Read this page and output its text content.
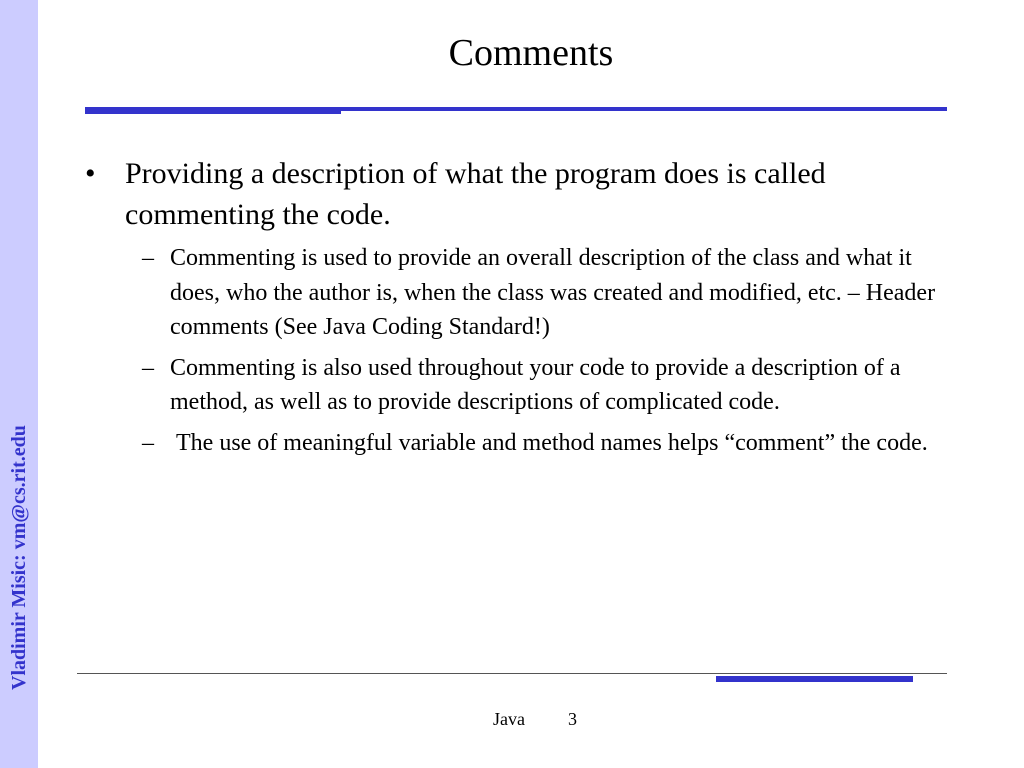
Vladimir Misic: vm@cs.rit.edu
Comments
• Providing a description of what the program does is called commenting the code.
– Commenting is used to provide an overall description of the class and what it does, who the author is, when the class was created and modified, etc. – Header comments (See Java Coding Standard!)
– Commenting is also used throughout your code to provide a description of a method, as well as to provide descriptions of complicated code.
– The use of meaningful variable and method names helps “comment” the code.
Java 3
